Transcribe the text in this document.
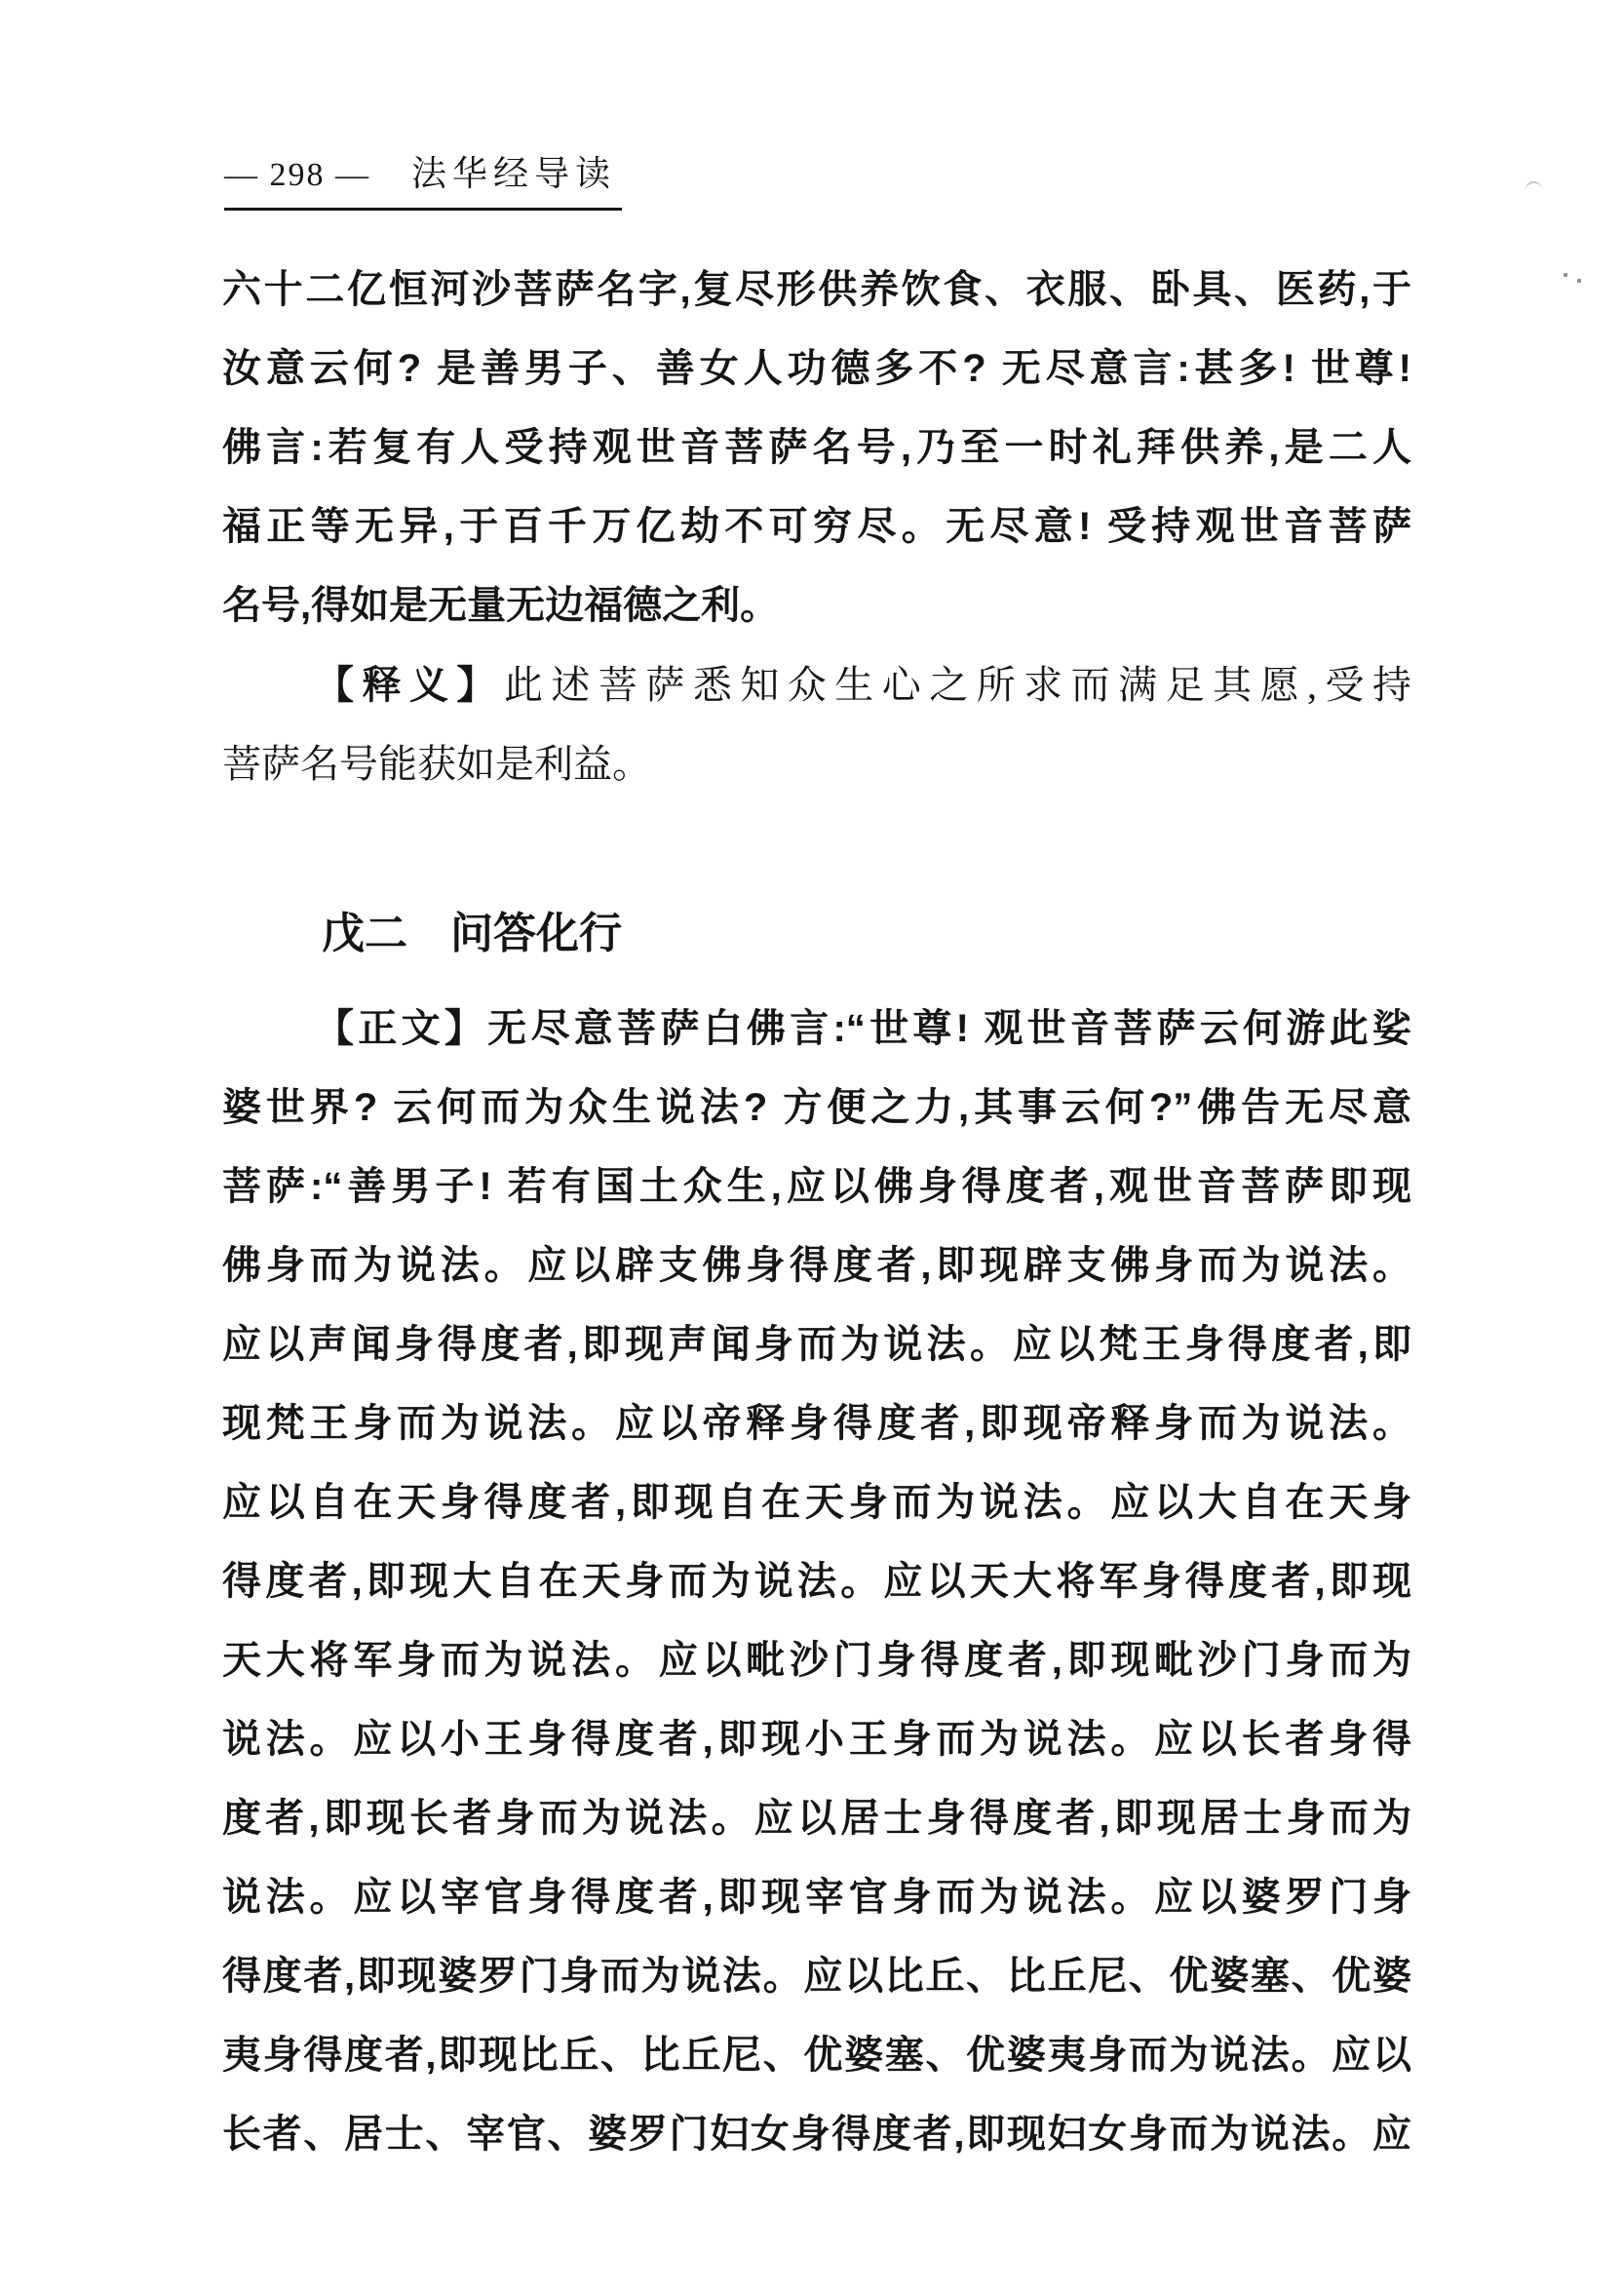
— 298 — 法华经导读
六十二亿恒河沙菩萨名字,复尽形供养饮食、衣服、卧具、医药,于
汝意云何? 是善男子、善女人功德多不? 无尽意言:甚多! 世尊!
佛言:若复有人受持观世音菩萨名号,乃至一时礼拜供养,是二人
福正等无异,于百千万亿劫不可穷尽。无尽意! 受持观世音菩萨
名号,得如是无量无边福德之利。
【释义】此述菩萨悉知众生心之所求而满足其愿,受持
菩萨名号能获如是利益。
戊二 问答化行
【正文】无尽意菩萨白佛言:“世尊! 观世音菩萨云何游此娑
婆世界? 云何而为众生说法? 方便之力,其事云何?”佛告无尽意
菩萨:“善男子! 若有国土众生,应以佛身得度者,观世音菩萨即现
佛身而为说法。应以辟支佛身得度者,即现辟支佛身而为说法。
应以声闻身得度者,即现声闻身而为说法。应以梵王身得度者,即
现梵王身而为说法。应以帝释身得度者,即现帝释身而为说法。
应以自在天身得度者,即现自在天身而为说法。应以大自在天身
得度者,即现大自在天身而为说法。应以天大将军身得度者,即现
天大将军身而为说法。应以毗沙门身得度者,即现毗沙门身而为
说法。应以小王身得度者,即现小王身而为说法。应以长者身得
度者,即现长者身而为说法。应以居士身得度者,即现居士身而为
说法。应以宰官身得度者,即现宰官身而为说法。应以婆罗门身
得度者,即现婆罗门身而为说法。应以比丘、比丘尼、优婆塞、优婆
夷身得度者,即现比丘、比丘尼、优婆塞、优婆夷身而为说法。应以
长者、居士、宰官、婆罗门妇女身得度者,即现妇女身而为说法。应
